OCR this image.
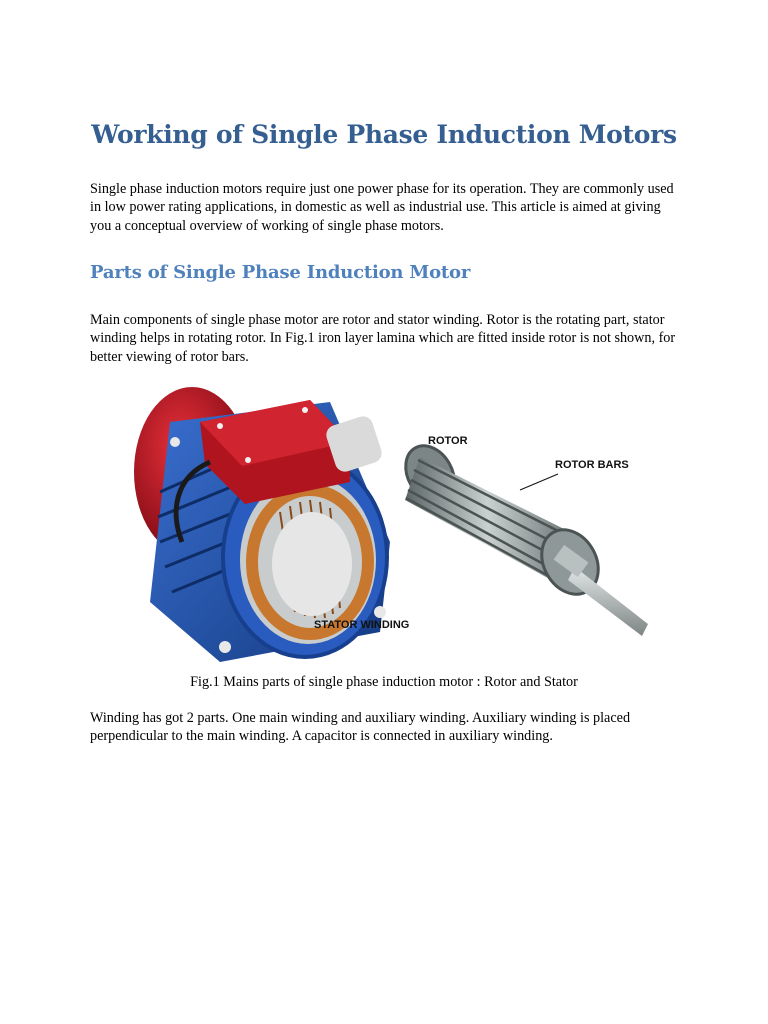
Working of Single Phase Induction Motors

Single phase induction motors require just one power phase for its operation. They are commonly used in low power rating applications, in domestic as well as industrial use. This article is aimed at giving you a conceptual overview of working of single phase motors.

Parts of Single Phase Induction Motor

Main components of single phase motor are rotor and stator winding. Rotor is the rotating part, stator winding helps in rotating rotor. In Fig.1 iron layer lamina which are fitted inside rotor is not shown, for better viewing of rotor bars.

ROTOR
ROTOR BARS
STATOR WINDING

Fig.1 Mains parts of single phase induction motor : Rotor and Stator

Winding has got 2 parts. One main winding and auxiliary winding. Auxiliary winding is placed perpendicular to the main winding. A capacitor is connected in auxiliary winding.
